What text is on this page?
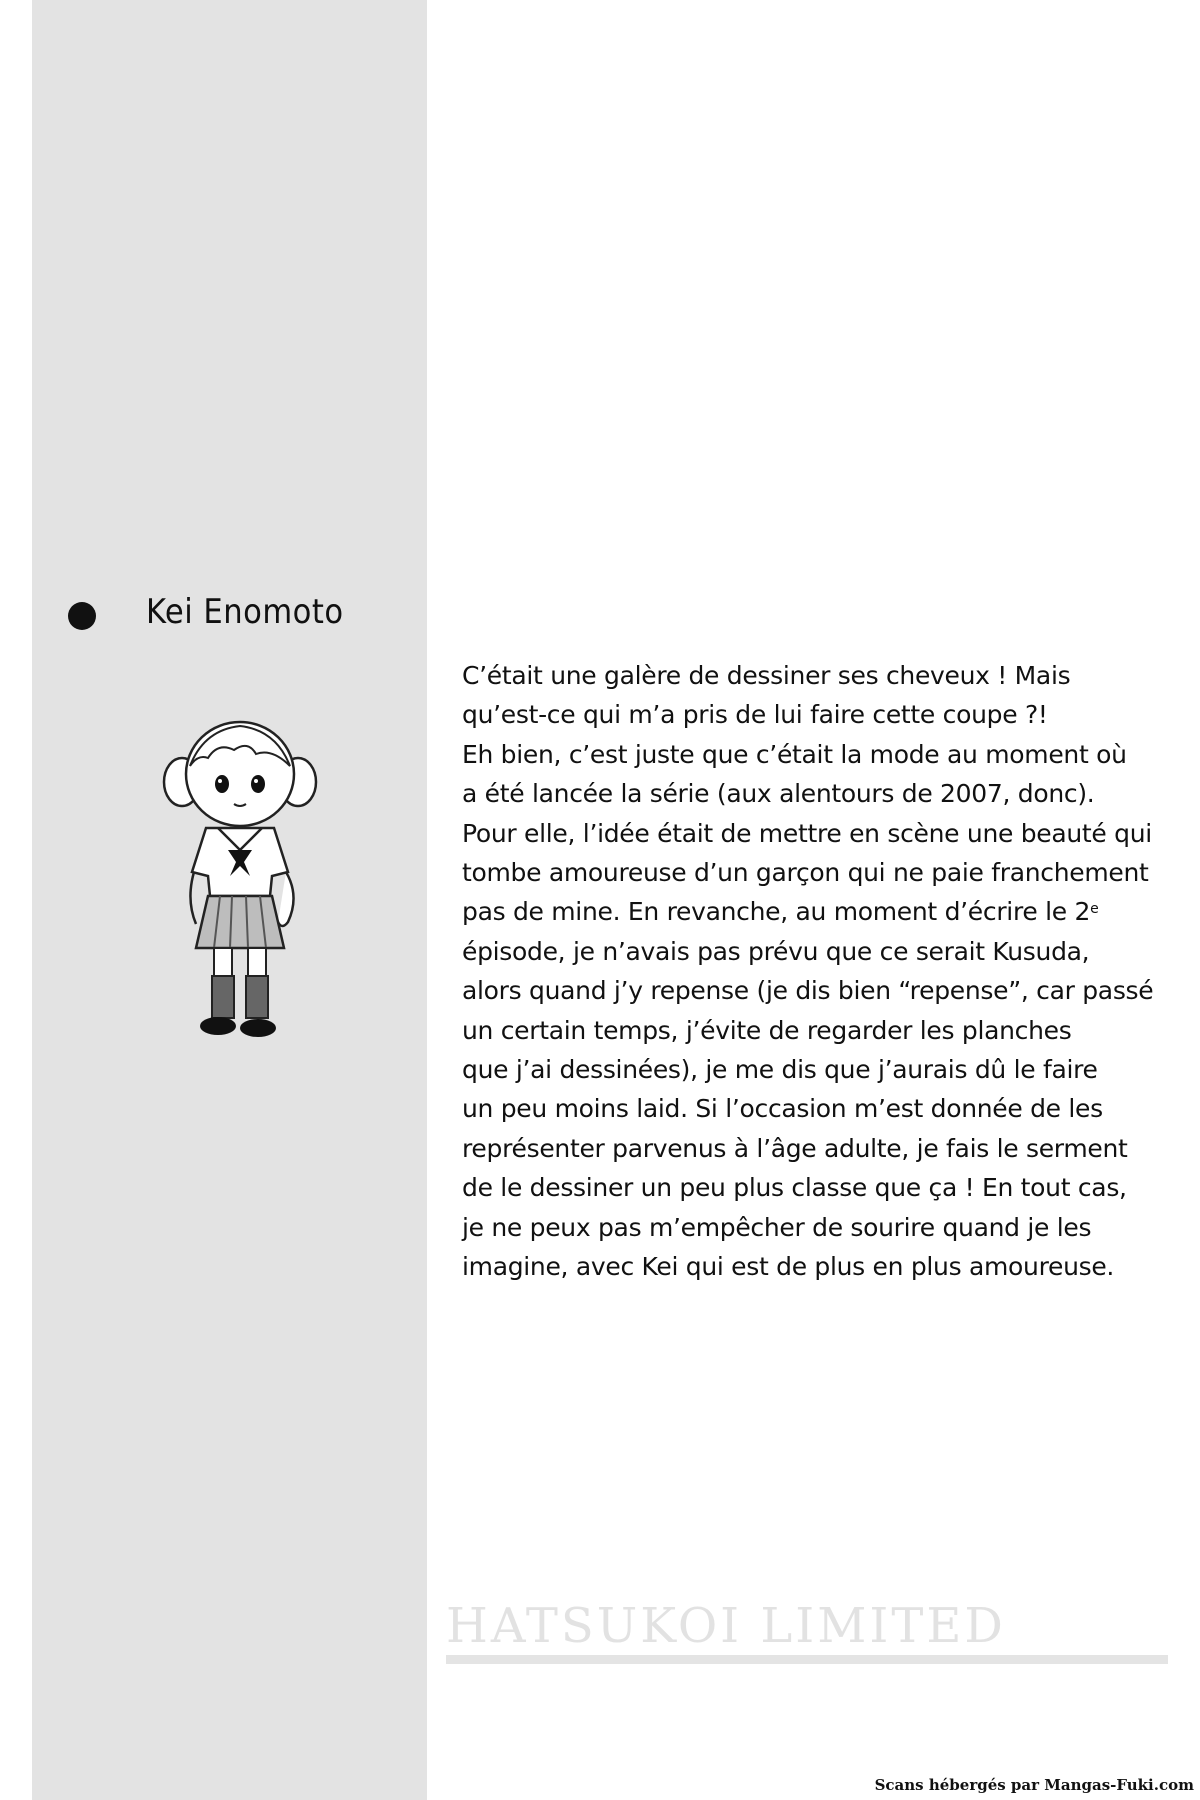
Kei Enomoto
C’était une galère de dessiner ses cheveux ! Mais
qu’est-ce qui m’a pris de lui faire cette coupe ?!
Eh bien, c’est juste que c’était la mode au moment où
a été lancée la série (aux alentours de 2007, donc).
Pour elle, l’idée était de mettre en scène une beauté qui
tombe amoureuse d’un garçon qui ne paie franchement
pas de mine. En revanche, au moment d’écrire le 2e
épisode, je n’avais pas prévu que ce serait Kusuda,
alors quand j’y repense (je dis bien “repense”, car passé
un certain temps, j’évite de regarder les planches
que j’ai dessinées), je me dis que j’aurais dû le faire
un peu moins laid. Si l’occasion m’est donnée de les
représenter parvenus à l’âge adulte, je fais le serment
de le dessiner un peu plus classe que ça ! En tout cas,
je ne peux pas m’empêcher de sourire quand je les
imagine, avec Kei qui est de plus en plus amoureuse.
HATSUKOI LIMITED
Scans hébergés par Mangas-Fuki.com
